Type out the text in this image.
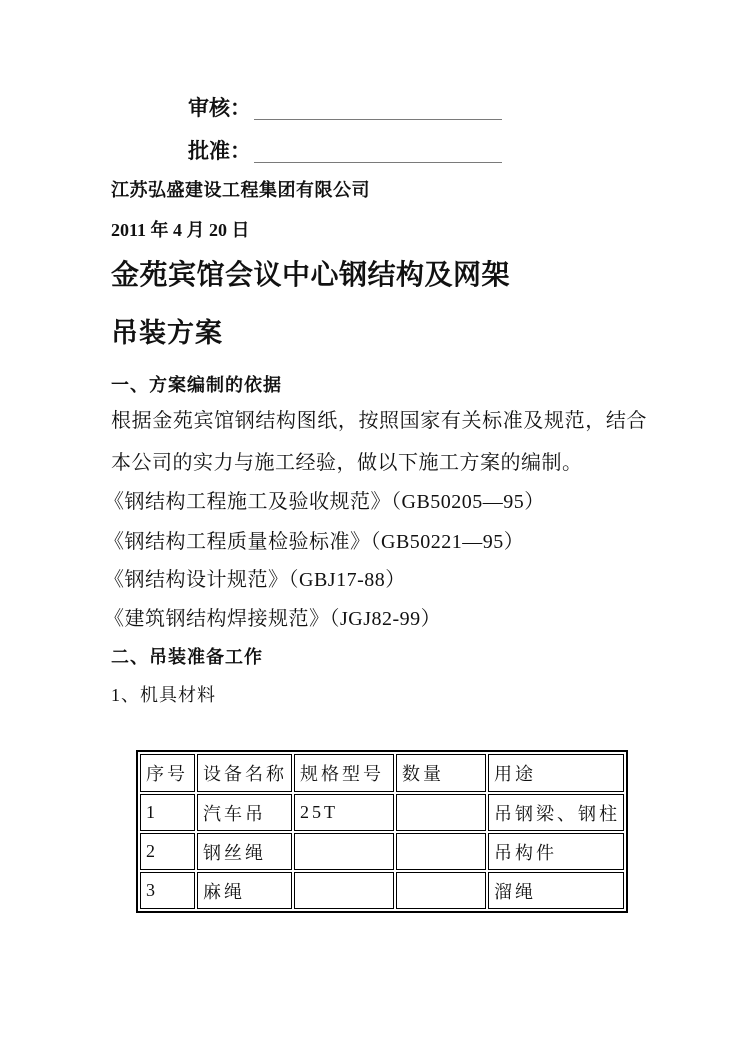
审核：
批准：
江苏弘盛建设工程集团有限公司
2011 年 4 月 20 日
金苑宾馆会议中心钢结构及网架
吊装方案
一、方案编制的依据
根据金苑宾馆钢结构图纸，按照国家有关标准及规范，结合本公司的实力与施工经验，做以下施工方案的编制。
《钢结构工程施工及验收规范》（GB50205—95）
《钢结构工程质量检验标准》（GB50221—95）
《钢结构设计规范》（GBJ17-88）
《建筑钢结构焊接规范》（JGJ82-99）
二、吊装准备工作
1、机具材料
序号	设备名称	规格型号	数量	用途
1	汽车吊	25T		吊钢梁、钢柱
2	钢丝绳			吊构件
3	麻绳			溜绳
